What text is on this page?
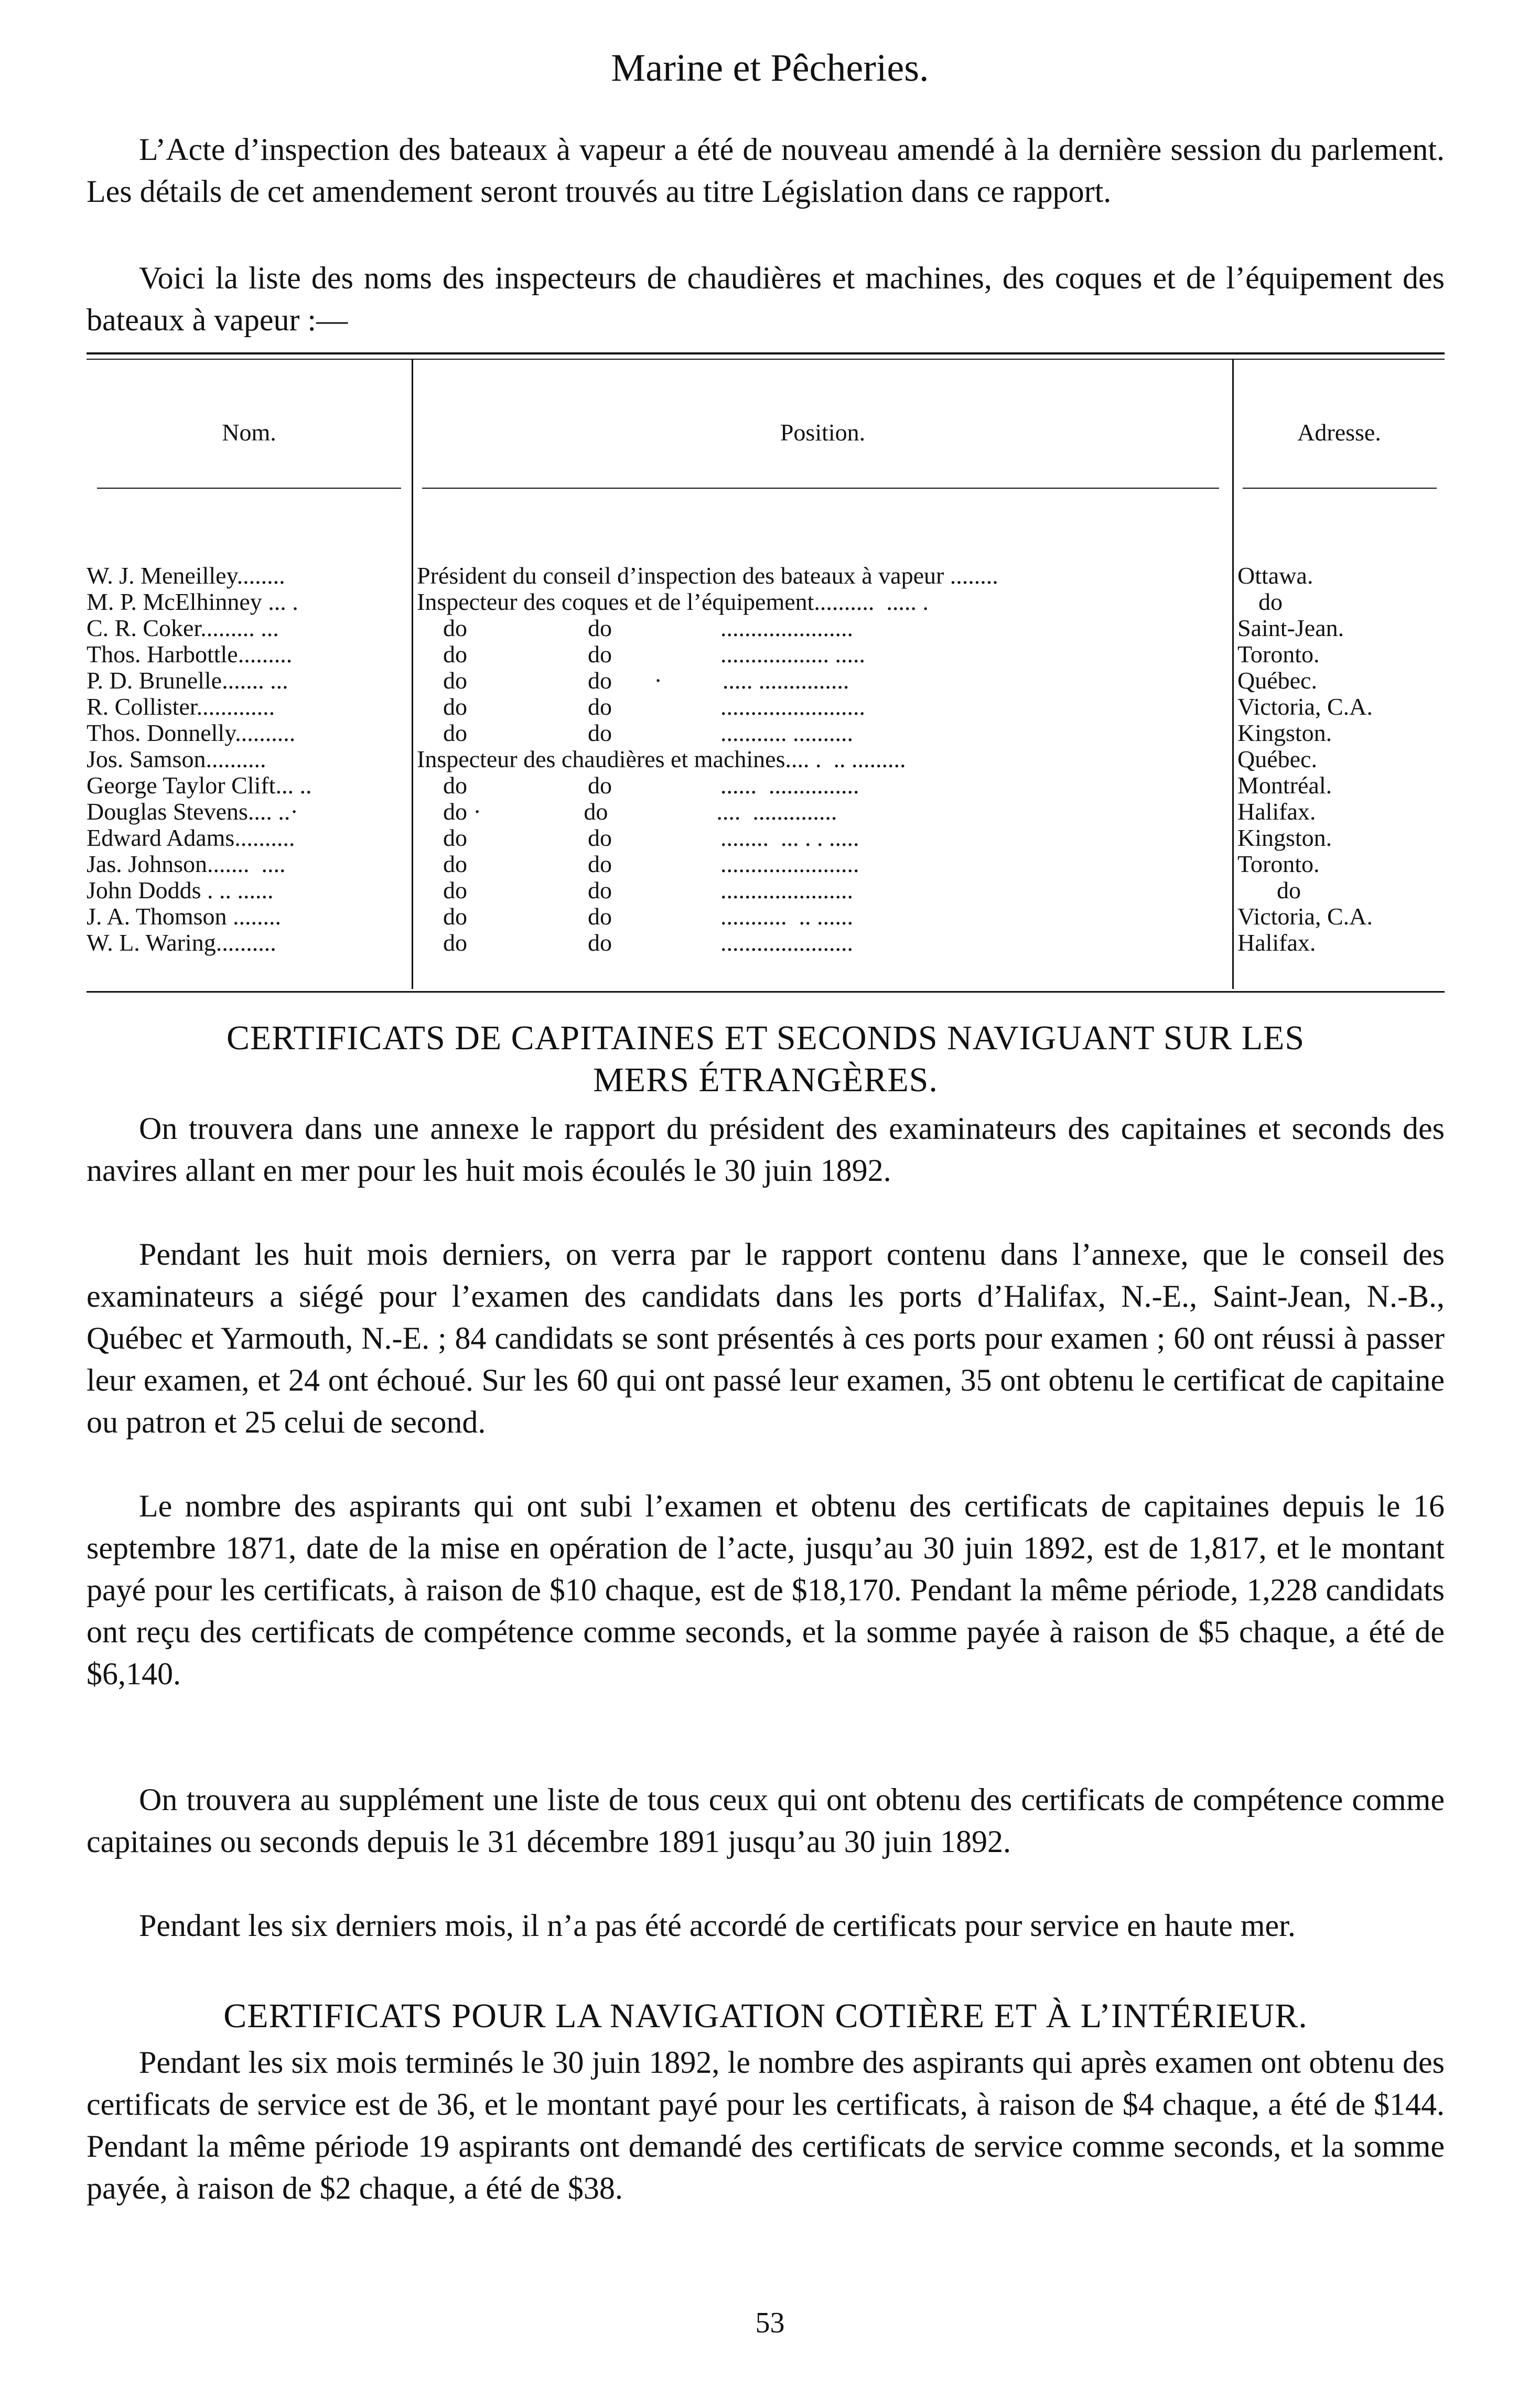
Marine et Pêcheries.

L’Acte d’inspection des bateaux à vapeur a été de nouveau amendé à la dernière session du parlement. Les détails de cet amendement seront trouvés au titre Législation dans ce rapport.

Voici la liste des noms des inspecteurs de chaudières et machines, des coques et de l’équipement des bateaux à vapeur :—

Nom.	Position.	Adresse.
W. J. Meneilley........	Président du conseil d’inspection des bateaux à vapeur ........	Ottawa.
M. P. McElhinney ... .	Inspecteur des coques et de l’équipement..........  ..... .	do
C. R. Coker......... ...	do                    do                  ......................	Saint-Jean.
Thos. Harbottle.........	do                    do                  .................. .....	Toronto.
P. D. Brunelle....... ...	do                    do       ·          ..... ...............	Québec.
R. Collister.............	do                    do                  ........................	Victoria, C.A.
Thos. Donnelly..........	do                    do                  ........... ..........	Kingston.
Jos. Samson..........	Inspecteur des chaudières et machines.... .  .. .........	Québec.
George Taylor Clift... ..	do                    do                  ......  ...............	Montréal.
Douglas Stevens.... ..·	do ·                 do                  ....  ..............	Halifax.
Edward Adams..........	do                    do                  ........  ... . . .....	Kingston.
Jas. Johnson.......  ....	do                    do                  .......................	Toronto.
John Dodds . .. ......	do                    do                  ......................	do
J. A. Thomson ........	do                    do                  ...........  .. ......	Victoria, C.A.
W. L. Waring..........	do                    do                  ......................	Halifax.

CERTIFICATS DE CAPITAINES ET SECONDS NAVIGUANT SUR LES
MERS ÉTRANGÈRES.

On trouvera dans une annexe le rapport du président des examinateurs des capitaines et seconds des navires allant en mer pour les huit mois écoulés le 30 juin 1892.

Pendant les huit mois derniers, on verra par le rapport contenu dans l’annexe, que le conseil des examinateurs a siégé pour l’examen des candidats dans les ports d’Halifax, N.-E., Saint-Jean, N.-B., Québec et Yarmouth, N.-E. ; 84 candidats se sont présentés à ces ports pour examen ; 60 ont réussi à passer leur examen, et 24 ont échoué. Sur les 60 qui ont passé leur examen, 35 ont obtenu le certificat de capitaine ou patron et 25 celui de second.

Le nombre des aspirants qui ont subi l’examen et obtenu des certificats de capitaines depuis le 16 septembre 1871, date de la mise en opération de l’acte, jusqu’au 30 juin 1892, est de 1,817, et le montant payé pour les certificats, à raison de $10 chaque, est de $18,170. Pendant la même période, 1,228 candidats ont reçu des certificats de compétence comme seconds, et la somme payée à raison de $5 chaque, a été de $6,140.

On trouvera au supplément une liste de tous ceux qui ont obtenu des certificats de compétence comme capitaines ou seconds depuis le 31 décembre 1891 jusqu’au 30 juin 1892.

Pendant les six derniers mois, il n’a pas été accordé de certificats pour service en haute mer.

CERTIFICATS POUR LA NAVIGATION COTIÈRE ET À L’INTÉRIEUR.

Pendant les six mois terminés le 30 juin 1892, le nombre des aspirants qui après examen ont obtenu des certificats de service est de 36, et le montant payé pour les certificats, à raison de $4 chaque, a été de $144. Pendant la même période 19 aspirants ont demandé des certificats de service comme seconds, et la somme payée, à raison de $2 chaque, a été de $38.

53
